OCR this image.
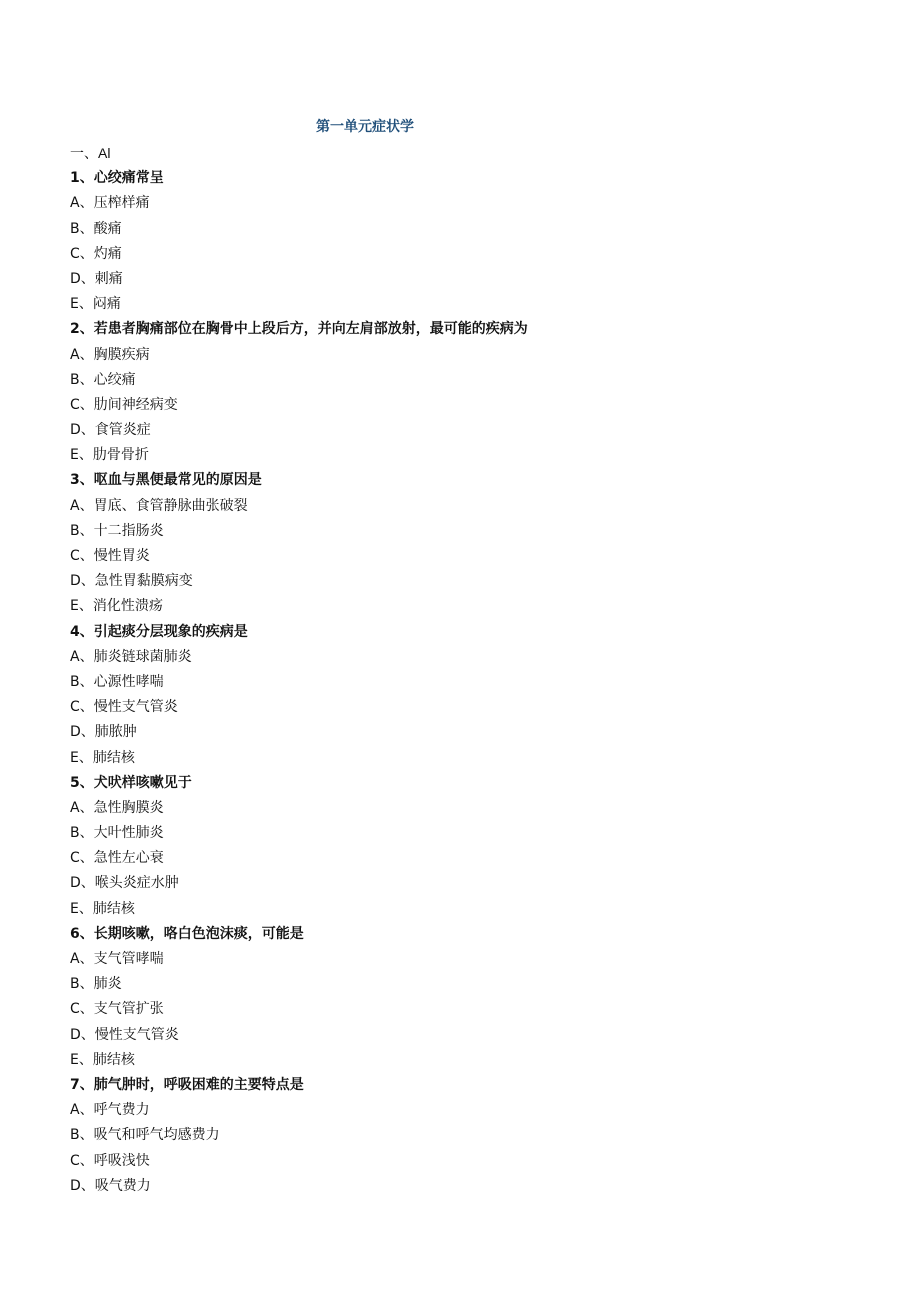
第一单元症状学
一、Al
1、心绞痛常呈
A、压榨样痛
B、酸痛
C、灼痛
D、刺痛
E、闷痛
2、若患者胸痛部位在胸骨中上段后方，并向左肩部放射，最可能的疾病为
A、胸膜疾病
B、心绞痛
C、肋间神经病变
D、食管炎症
E、肋骨骨折
3、呕血与黑便最常见的原因是
A、胃底、食管静脉曲张破裂
B、十二指肠炎
C、慢性胃炎
D、急性胃黏膜病变
E、消化性溃疡
4、引起痰分层现象的疾病是
A、肺炎链球菌肺炎
B、心源性哮喘
C、慢性支气管炎
D、肺脓肿
E、肺结核
5、犬吠样咳嗽见于
A、急性胸膜炎
B、大叶性肺炎
C、急性左心衰
D、喉头炎症水肿
E、肺结核
6、长期咳嗽，咯白色泡沫痰，可能是
A、支气管哮喘
B、肺炎
C、支气管扩张
D、慢性支气管炎
E、肺结核
7、肺气肿时，呼吸困难的主要特点是
A、呼气费力
B、吸气和呼气均感费力
C、呼吸浅快
D、吸气费力
